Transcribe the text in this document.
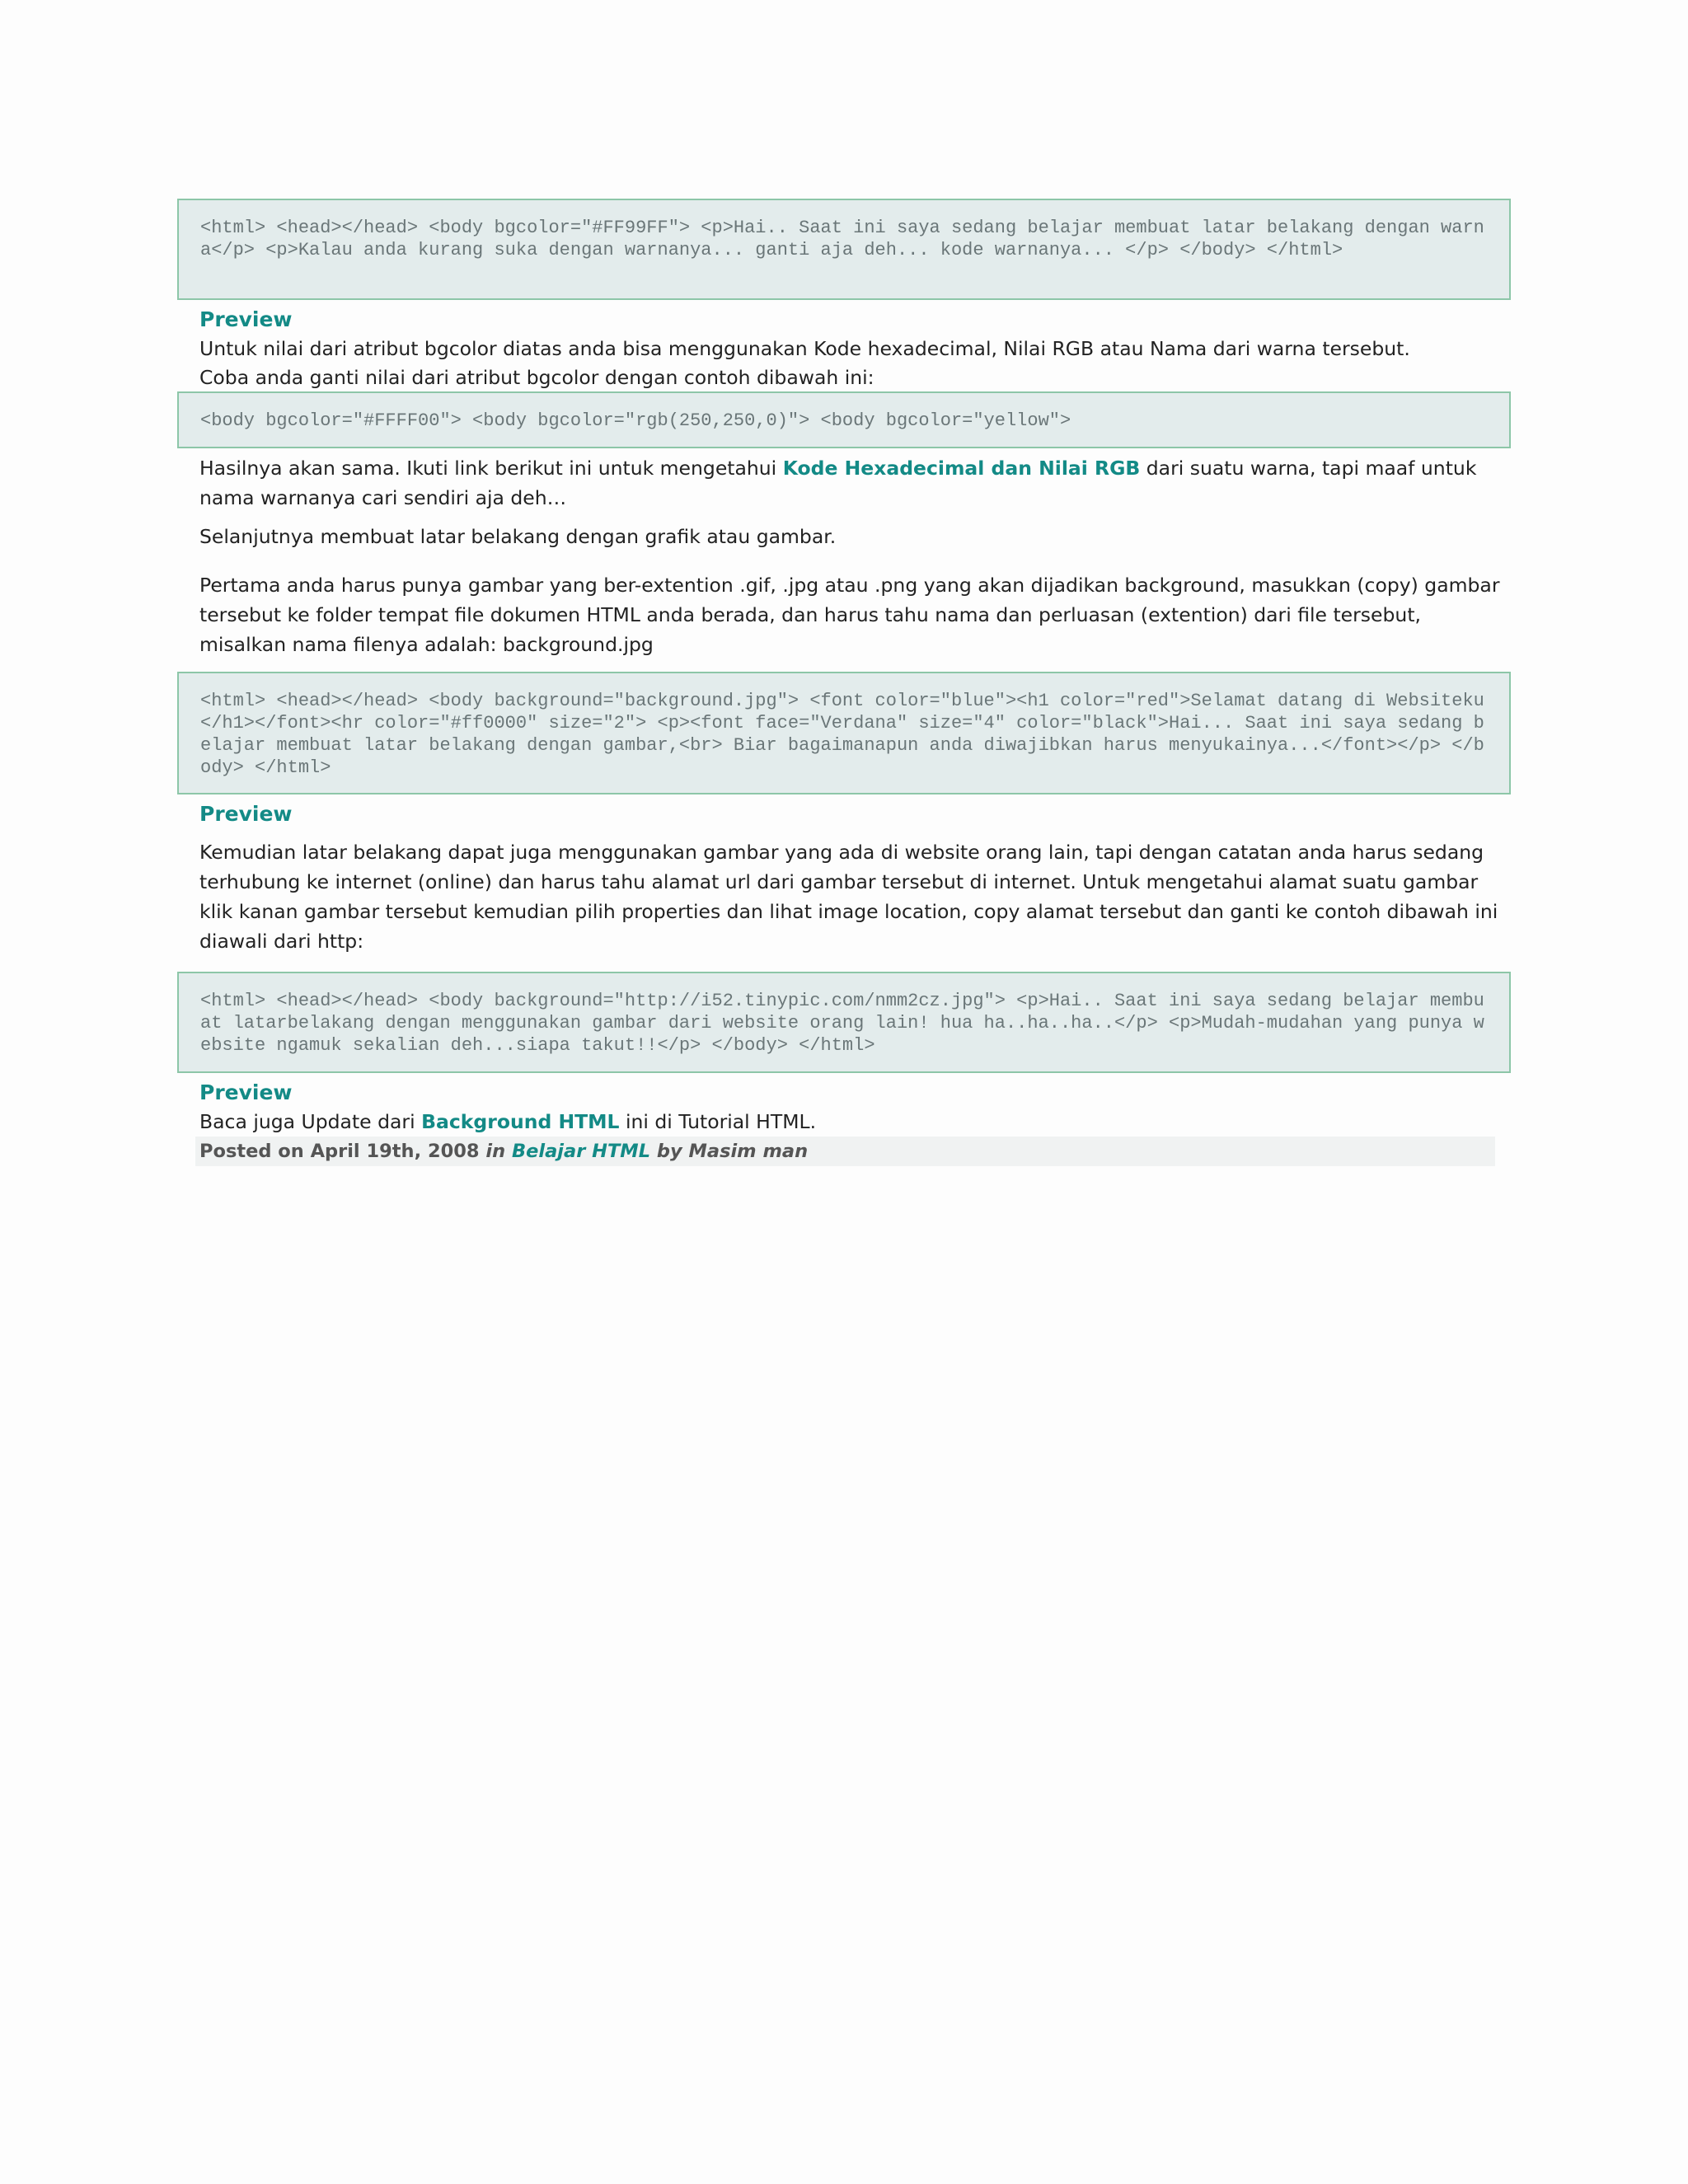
<html> <head></head> <body bgcolor="#FF99FF"> <p>Hai.. Saat ini saya sedang belajar membuat latar belakang dengan warna</p> <p>Kalau anda kurang suka dengan warnanya... ganti aja deh... kode warnanya... </p> </body> </html>
Preview
Untuk nilai dari atribut bgcolor diatas anda bisa menggunakan Kode hexadecimal, Nilai RGB atau Nama dari warna tersebut.
Coba anda ganti nilai dari atribut bgcolor dengan contoh dibawah ini:
<body bgcolor="#FFFF00"> <body bgcolor="rgb(250,250,0)"> <body bgcolor="yellow">
Hasilnya akan sama. Ikuti link berikut ini untuk mengetahui Kode Hexadecimal dan Nilai RGB dari suatu warna, tapi maaf untuk nama warnanya cari sendiri aja deh…
Selanjutnya membuat latar belakang dengan grafik atau gambar.
Pertama anda harus punya gambar yang ber-extention .gif, .jpg atau .png yang akan dijadikan background, masukkan (copy) gambar tersebut ke folder tempat file dokumen HTML anda berada, dan harus tahu nama dan perluasan (extention) dari file tersebut, misalkan nama filenya adalah: background.jpg
<html> <head></head> <body background="background.jpg"> <font color="blue"><h1 color="red">Selamat datang di Websiteku</h1></font><hr color="#ff0000" size="2"> <p><font face="Verdana" size="4" color="black">Hai... Saat ini saya sedang belajar membuat latar belakang dengan gambar,<br> Biar bagaimanapun anda diwajibkan harus menyukainya...</font></p> </body> </html>
Preview
Kemudian latar belakang dapat juga menggunakan gambar yang ada di website orang lain, tapi dengan catatan anda harus sedang terhubung ke internet (online) dan harus tahu alamat url dari gambar tersebut di internet. Untuk mengetahui alamat suatu gambar klik kanan gambar tersebut kemudian pilih properties dan lihat image location, copy alamat tersebut dan ganti ke contoh dibawah ini diawali dari http:
<html> <head></head> <body background="http://i52.tinypic.com/nmm2cz.jpg"> <p>Hai.. Saat ini saya sedang belajar membuat latarbelakang dengan menggunakan gambar dari website orang lain! hua ha..ha..ha..</p> <p>Mudah-mudahan yang punya website ngamuk sekalian deh...siapa takut!!</p> </body> </html>
Preview
Baca juga Update dari Background HTML ini di Tutorial HTML.
Posted on April 19th, 2008 in Belajar HTML by Masim man
